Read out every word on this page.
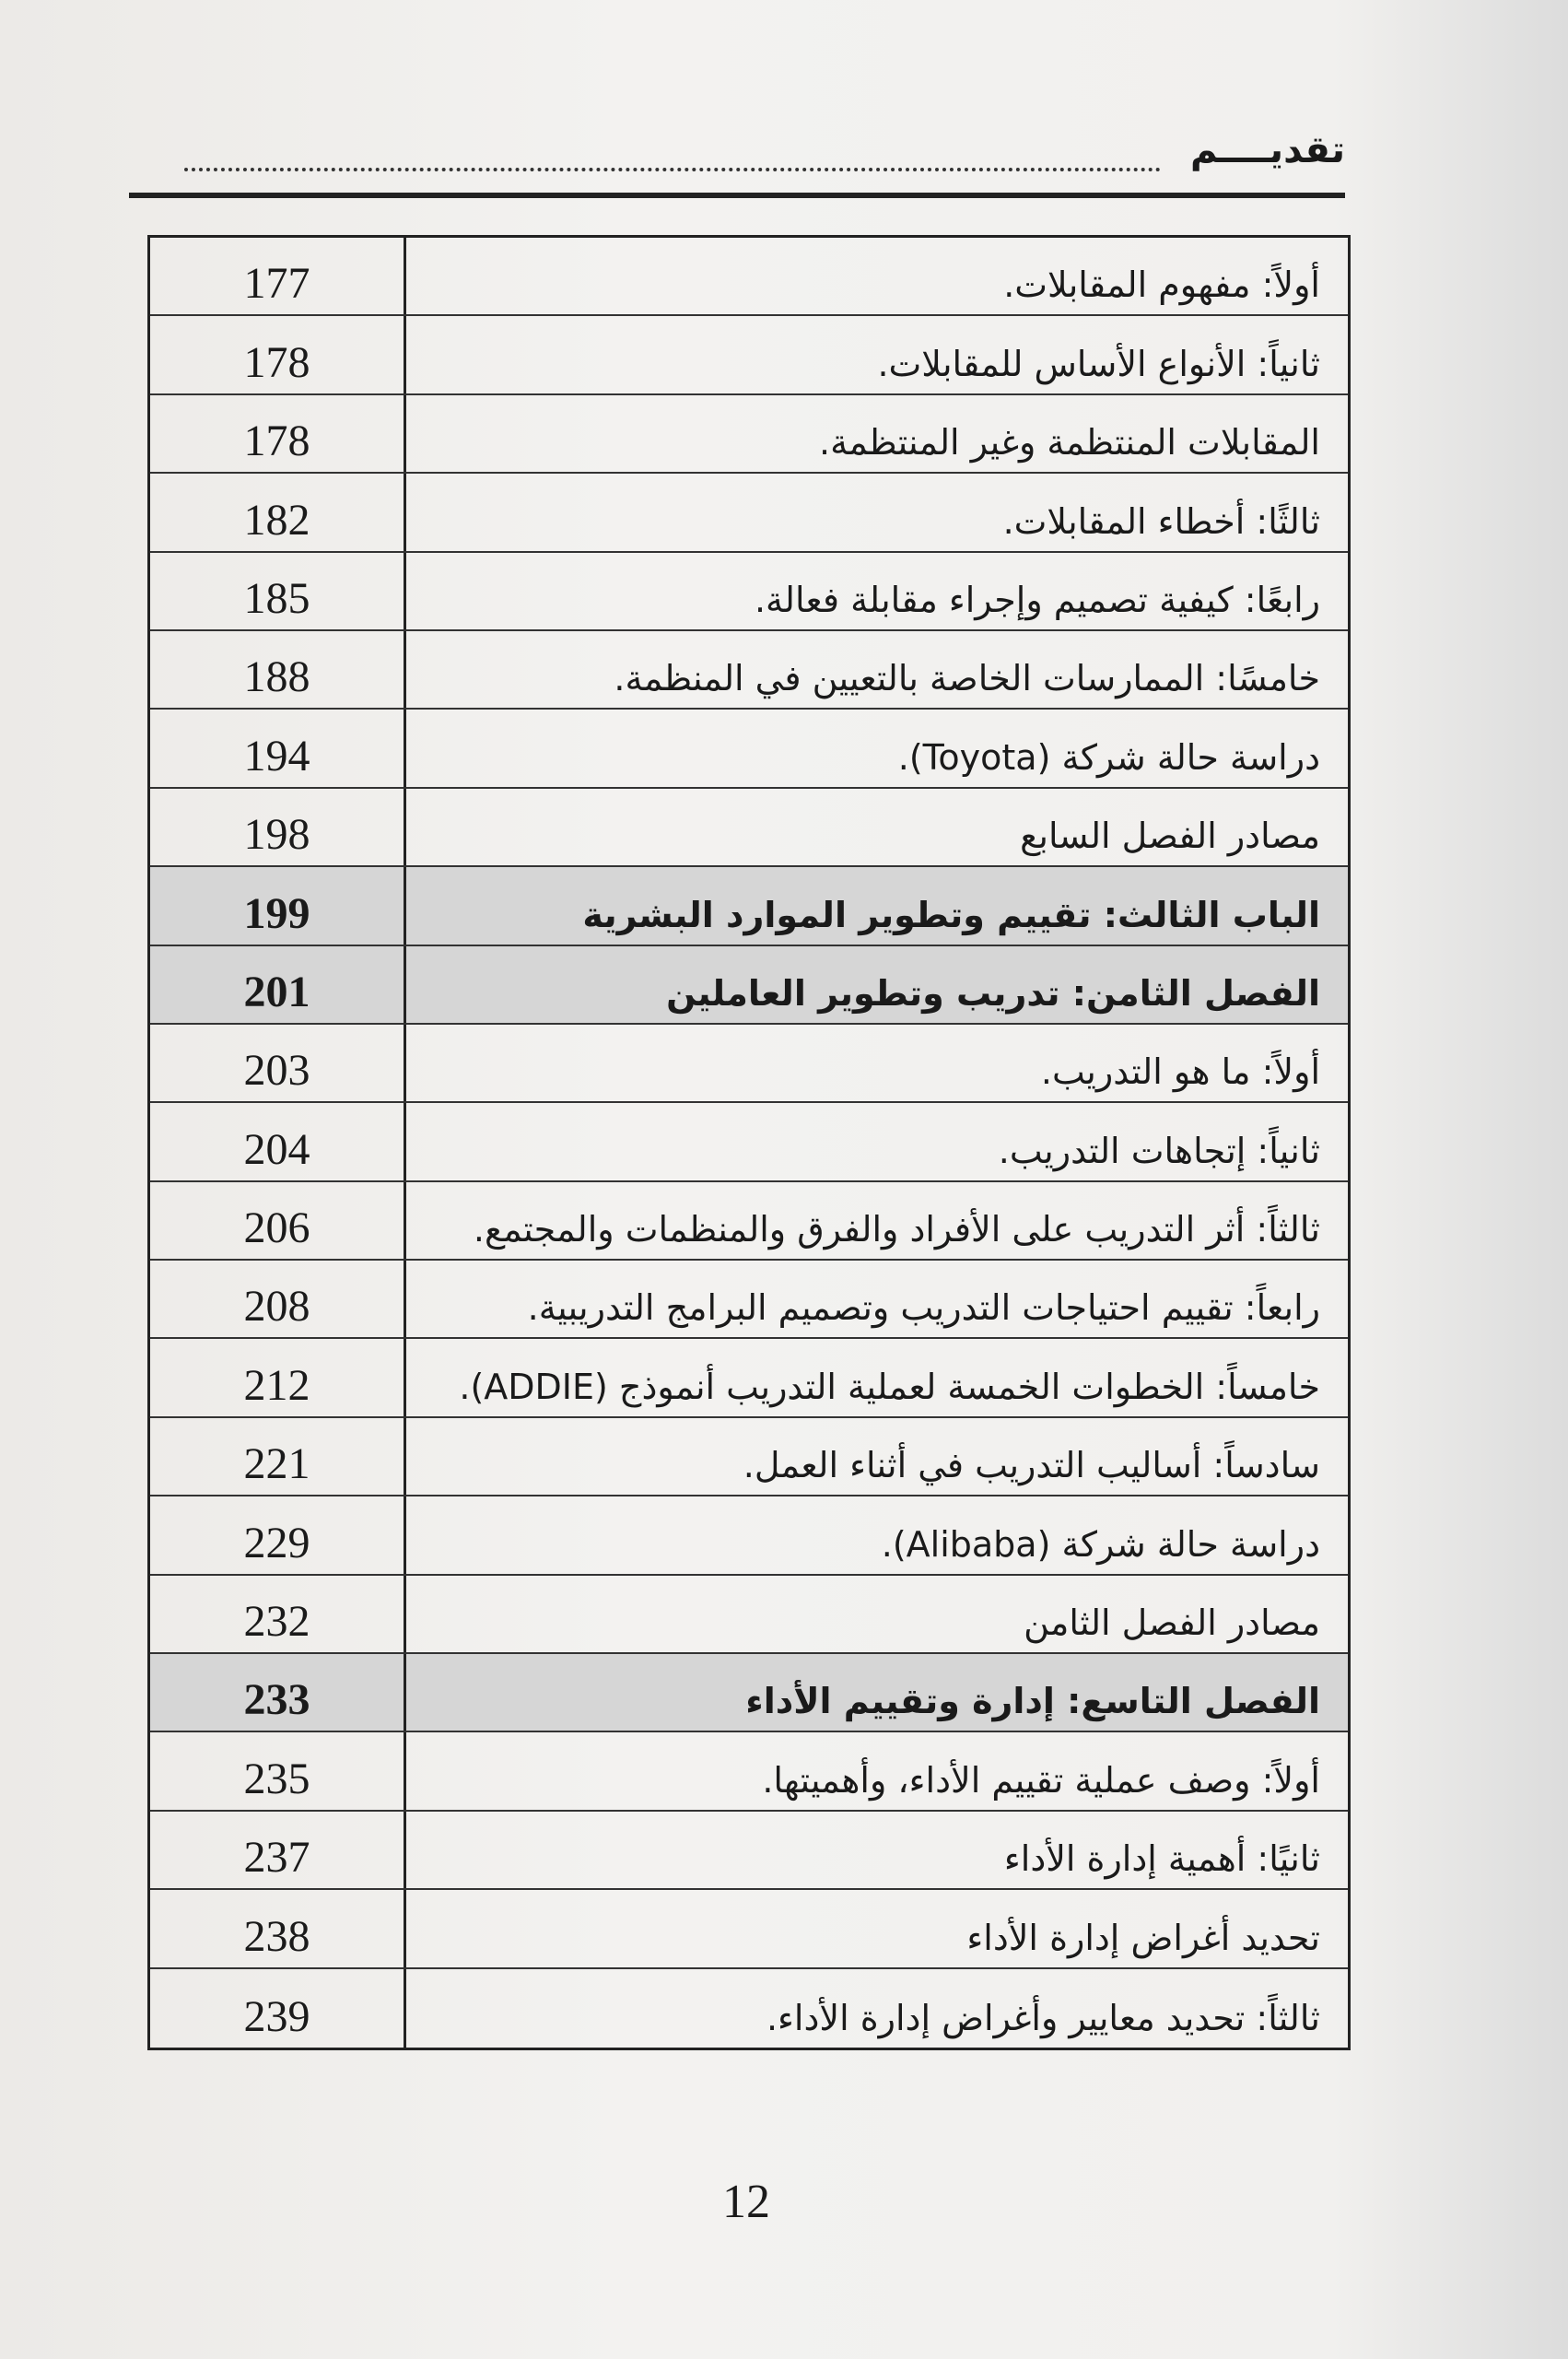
تقديــــم
أولاً: مفهوم المقابلات.
177
ثانياً: الأنواع الأساس للمقابلات.
178
المقابلات المنتظمة وغير المنتظمة.
178
ثالثًا: أخطاء المقابلات.
182
رابعًا: كيفية تصميم وإجراء مقابلة فعالة.
185
خامسًا: الممارسات الخاصة بالتعيين في المنظمة.
188
دراسة حالة شركة (Toyota).
194
مصادر الفصل السابع
198
الباب الثالث: تقييم وتطوير الموارد البشرية
199
الفصل الثامن: تدريب وتطوير العاملين
201
أولاً: ما هو التدريب.
203
ثانياً: إتجاهات التدريب.
204
ثالثاً: أثر التدريب على الأفراد والفرق والمنظمات والمجتمع.
206
رابعاً: تقييم احتياجات التدريب وتصميم البرامج التدريبية.
208
خامساً: الخطوات الخمسة لعملية التدريب أنموذج (ADDIE).
212
سادساً: أساليب التدريب في أثناء العمل.
221
دراسة حالة شركة (Alibaba).
229
مصادر الفصل الثامن
232
الفصل التاسع: إدارة وتقييم الأداء
233
أولاً: وصف عملية تقييم الأداء، وأهميتها.
235
ثانيًا: أهمية إدارة الأداء
237
تحديد أغراض إدارة الأداء
238
ثالثاً: تحديد معايير وأغراض إدارة الأداء.
239
12
